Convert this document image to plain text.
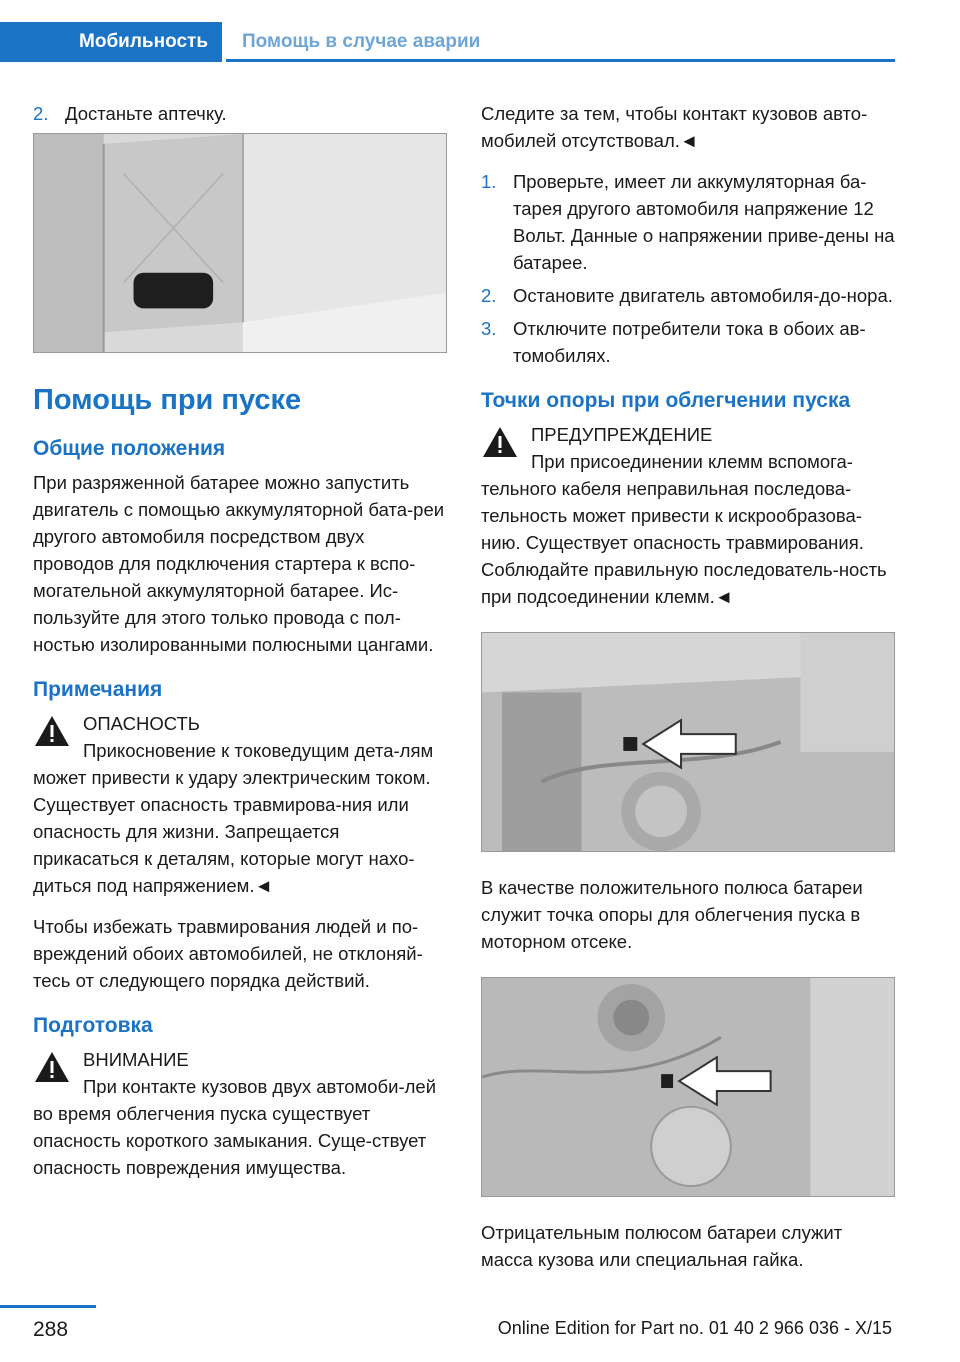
Мобильность	Помощь в случае аварии
2. Достаньте аптечку.
Помощь при пуске
Общие положения

При разряженной батарее можно запустить двигатель с помощью аккумуляторной бата-реи другого автомобиля посредством двух проводов для подключения стартера к вспо-могательной аккумуляторной батарее. Ис-пользуйте для этого только провода с пол-ностью изолированными полюсными цангами.

Примечания
ОПАСНОСТЬ
Прикосновение к токоведущим дета-лям может привести к удару электрическим током. Существует опасность травмирова-ния или опасность для жизни. Запрещается прикасаться к деталям, которые могут нахо-диться под напряжением.◄

Чтобы избежать травмирования людей и по-вреждений обоих автомобилей, не отклоняй-тесь от следующего порядка действий.

Подготовка
ВНИМАНИЕ
При контакте кузовов двух автомоби-лей во время облегчения пуска существует опасность короткого замыкания. Суще-ствует опасность повреждения имущества.

Следите за тем, чтобы контакт кузовов авто-мобилей отсутствовал.◄

1. Проверьте, имеет ли аккумуляторная ба-тарея другого автомобиля напряжение 12 Вольт. Данные о напряжении приве-дены на батарее.
2. Остановите двигатель автомобиля-до-нора.
3. Отключите потребители тока в обоих ав-томобилях.
Точки опоры при облегчении пуска
ПРЕДУПРЕЖДЕНИЕ
При присоединении клемм вспомога-тельного кабеля неправильная последова-тельность может привести к искрообразова-нию. Существует опасность травмирования. Соблюдайте правильную последователь-ность при подсоединении клемм.◄

В качестве положительного полюса батареи служит точка опоры для облегчения пуска в моторном отсеке.

Отрицательным полюсом батареи служит масса кузова или специальная гайка.

288	Online Edition for Part no. 01 40 2 966 036 - X/15
